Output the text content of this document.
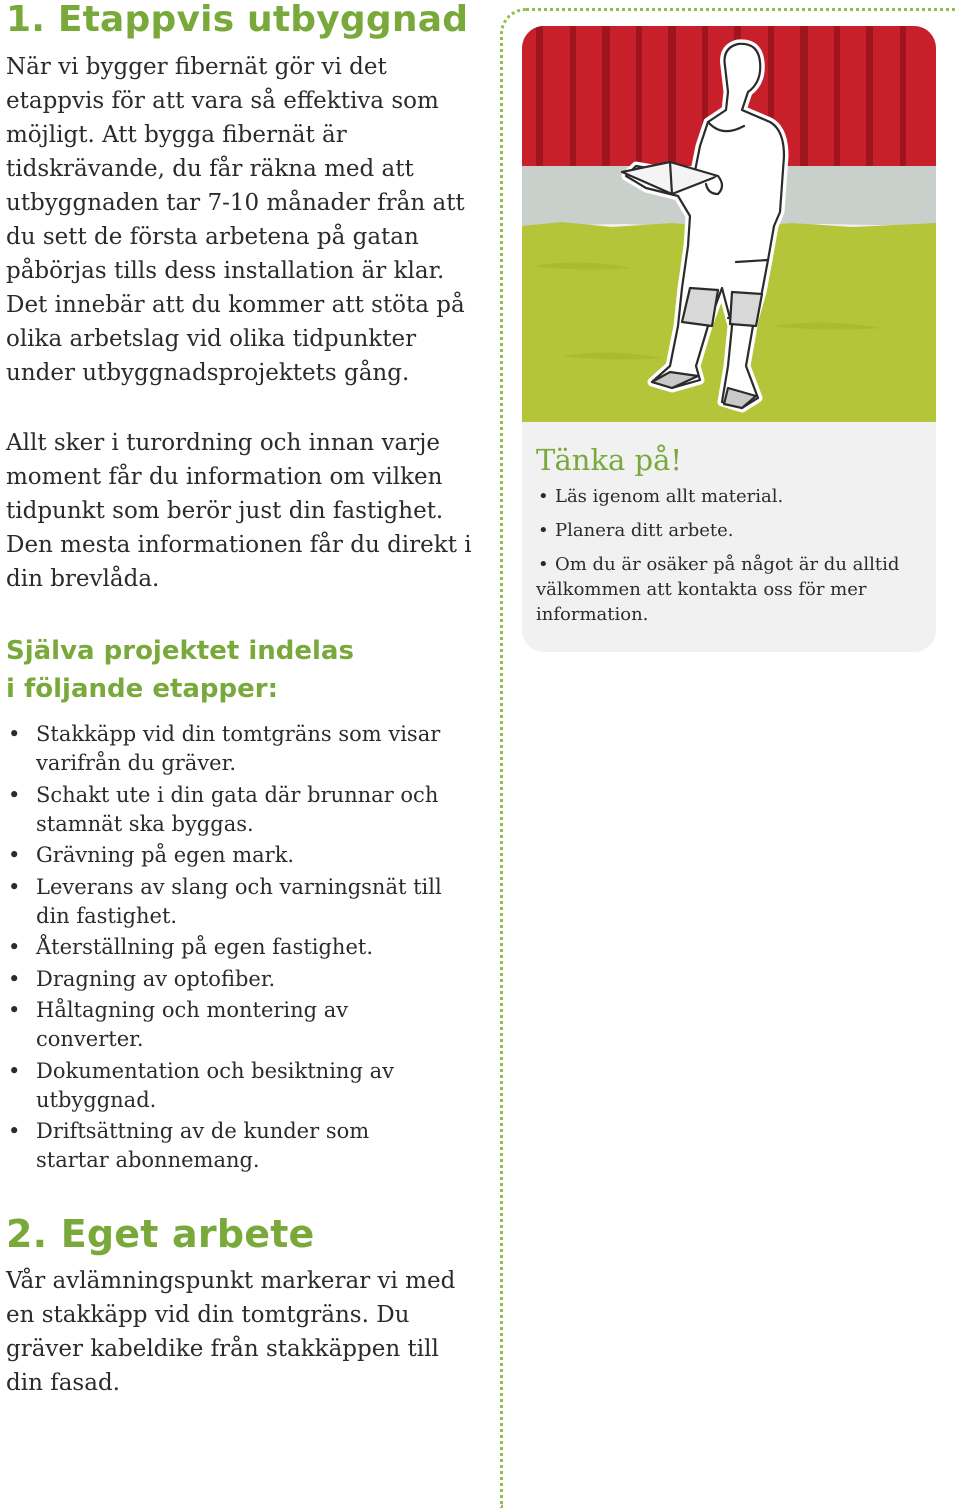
1. Etappvis utbyggnad

När vi bygger fibernät gör vi det etappvis för att vara så effektiva som möjligt. Att bygga fibernät är tidskrävande, du får räkna med att utbyggnaden tar 7-10 månader från att du sett de första arbetena på gatan påbörjas tills dess installation är klar. Det innebär att du kommer att stöta på olika arbetslag vid olika tidpunkter under utbyggnadsprojektets gång.

Allt sker i turordning och innan varje moment får du information om vilken tidpunkt som berör just din fastighet. Den mesta informationen får du direkt i din brevlåda.

Själva projektet indelas
i följande etapper:
• Stakkäpp vid din tomtgräns som visar varifrån du gräver.
• Schakt ute i din gata där brunnar och stamnät ska byggas.
• Grävning på egen mark.
• Leverans av slang och varningsnät till din fastighet.
• Återställning på egen fastighet.
• Dragning av optofiber.
• Håltagning och montering av converter.
• Dokumentation och besiktning av utbyggnad.
• Driftsättning av de kunder som startar abonnemang.
2. Eget arbete

Vår avlämningspunkt markerar vi med en stakkäpp vid din tomtgräns. Du gräver kabeldike från stakkäppen till din fasad.

Tänka på!
• Läs igenom allt material.
• Planera ditt arbete.
• Om du är osäker på något är du alltid välkommen att kontakta oss för mer information.
